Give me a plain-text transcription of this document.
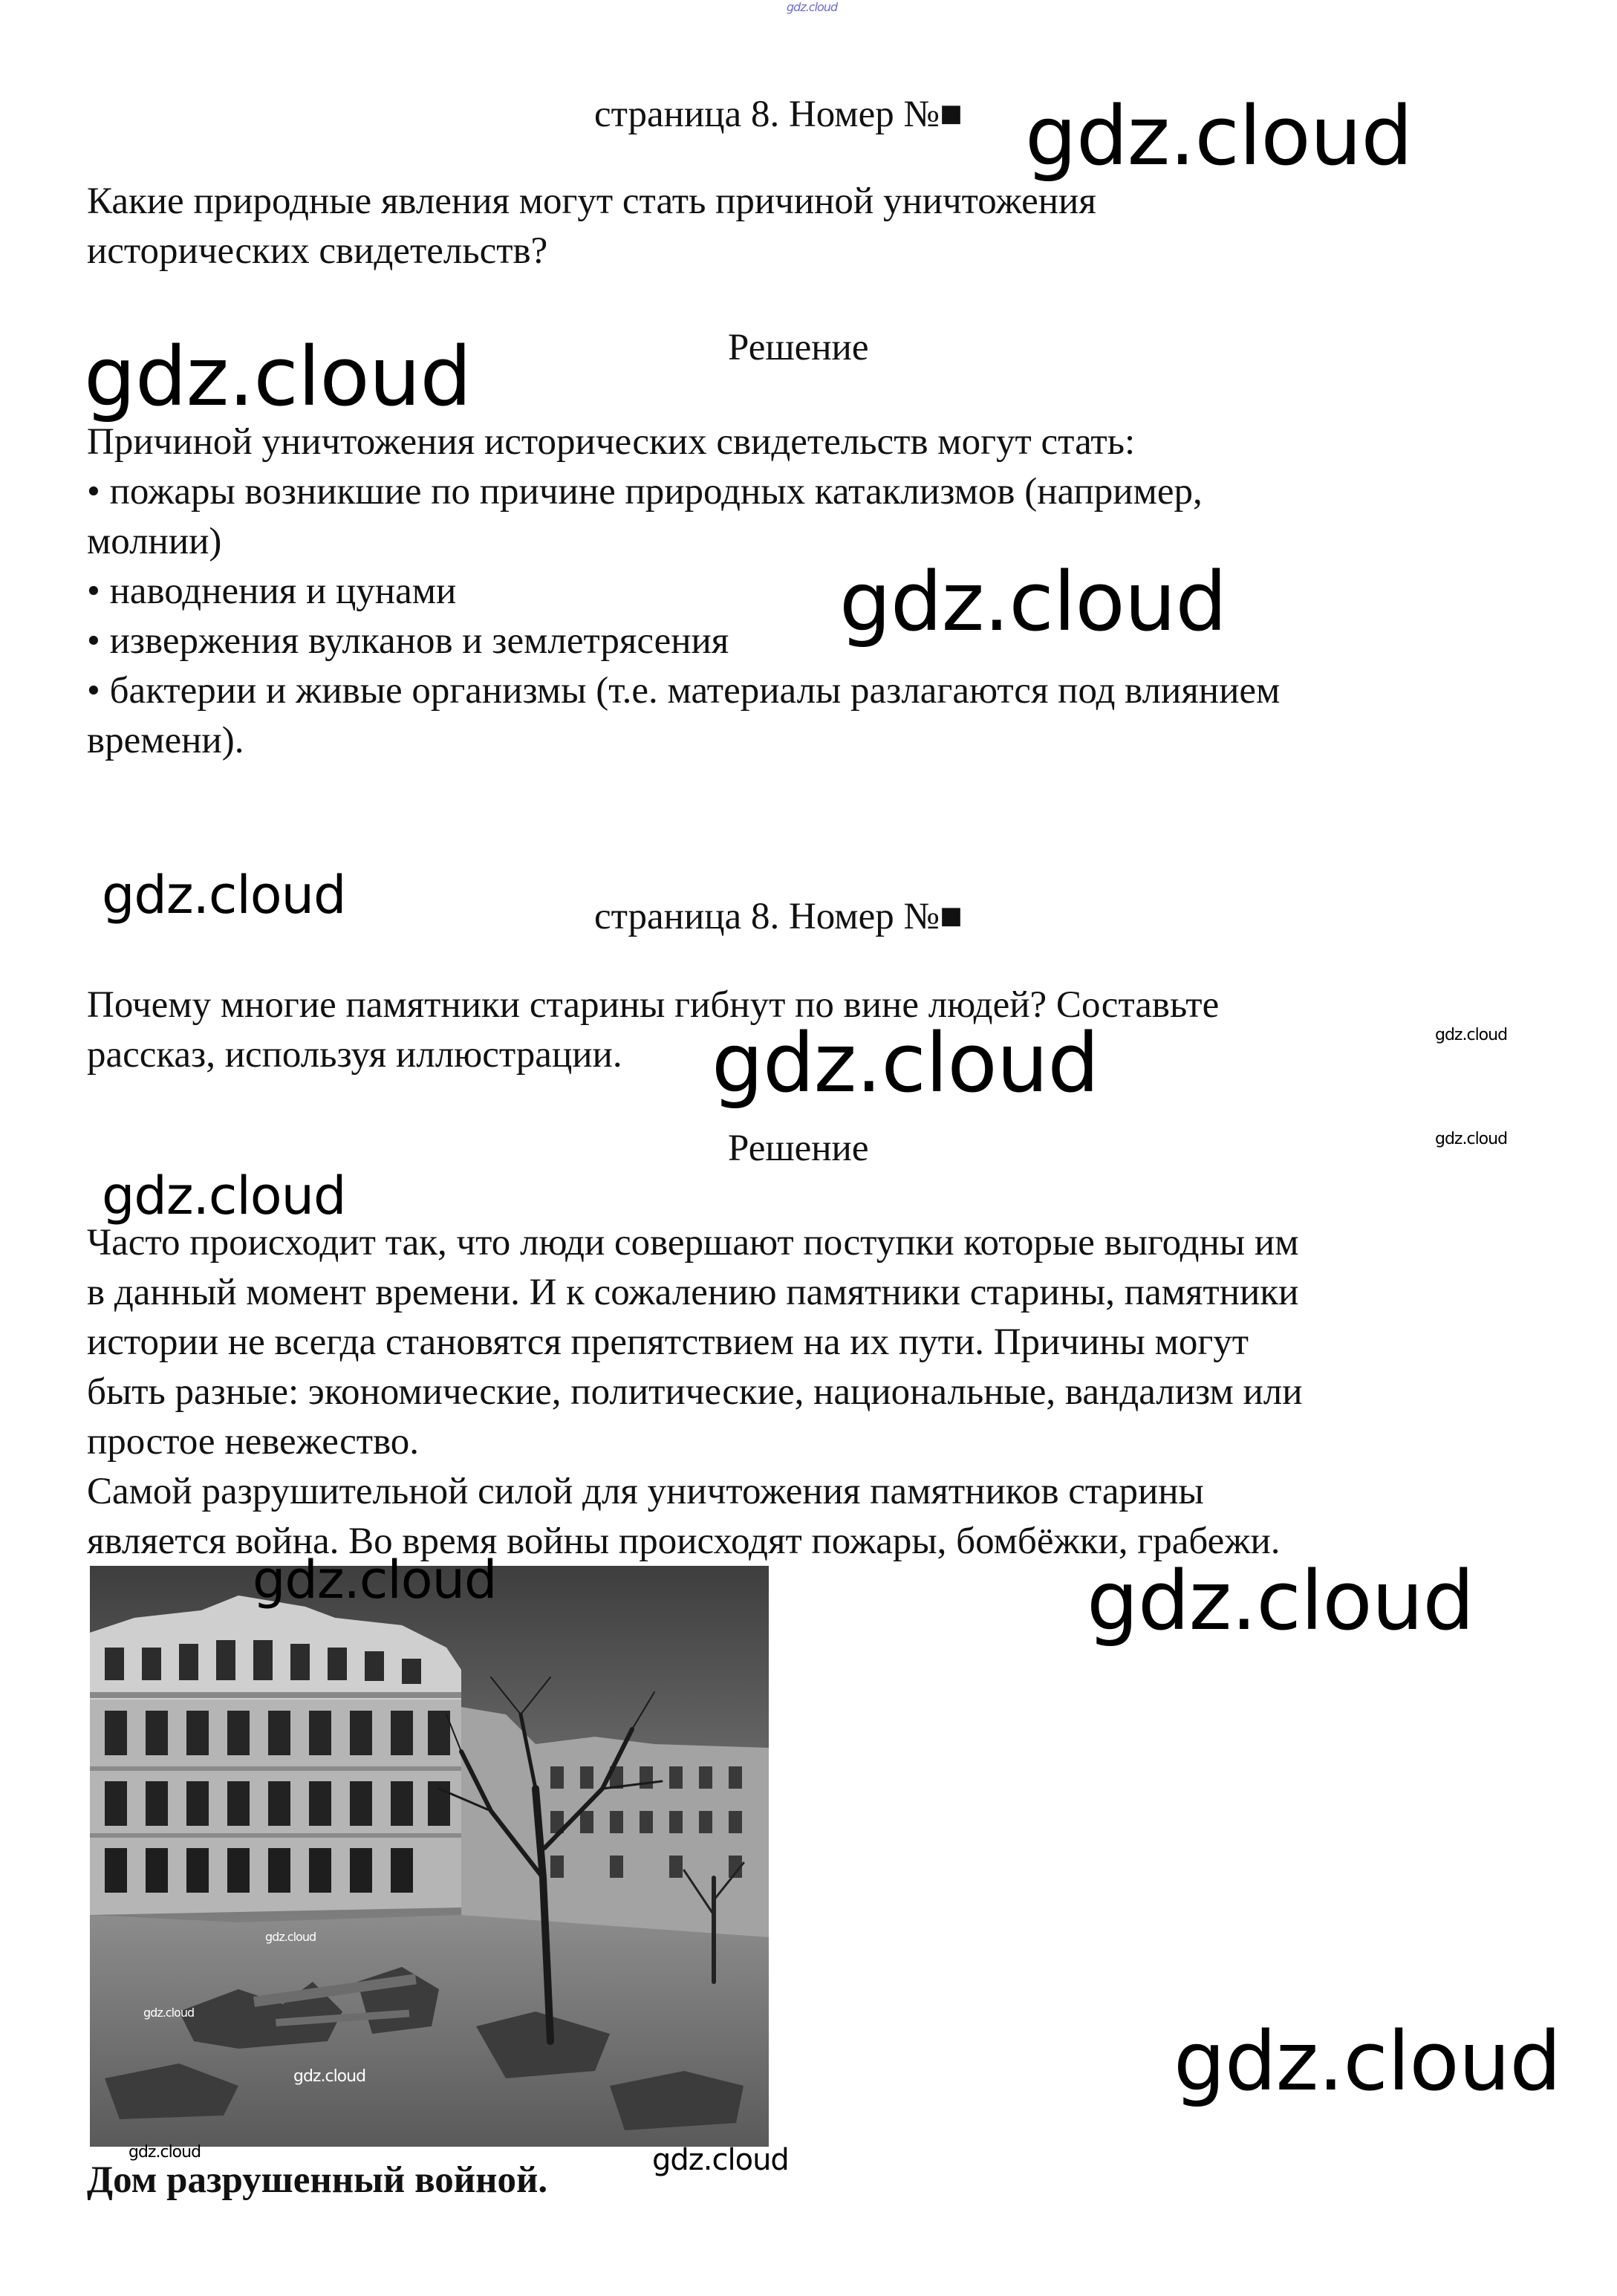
gdz.cloud
страница 8. Номер №■ gdz.cloud
Какие природные явления могут стать причиной уничтожения
исторических свидетельств?
Решение
gdz.cloud
Причиной уничтожения исторических свидетельств могут стать:
• пожары возникшие по причине природных катаклизмов (например,
молнии)
• наводнения и цунами
• извержения вулканов и землетрясения
• бактерии и живые организмы (т.е. материалы разлагаются под влиянием
времени).
gdz.cloud
gdz.cloud	страница 8. Номер №■
Почему многие памятники старины гибнут по вине людей? Составьте
рассказ, используя иллюстрации.	gdz.cloud	gdz.cloud
Решение	gdz.cloud
gdz.cloud
Часто происходит так, что люди совершают поступки которые выгодны им
в данный момент времени. И к сожалению памятники старины, памятники
истории не всегда становятся препятствием на их пути. Причины могут
быть разные: экономические, политические, национальные, вандализм или
простое невежество.
Самой разрушительной силой для уничтожения памятников старины
является война. Во время войны происходят пожары, бомбёжки, грабежи.
gdz.cloud	gdz.cloud
gdz.cloud
gdz.cloud
gdz.cloud	gdz.cloud
gdz.cloud	gdz.cloud
Дом разрушенный войной.
